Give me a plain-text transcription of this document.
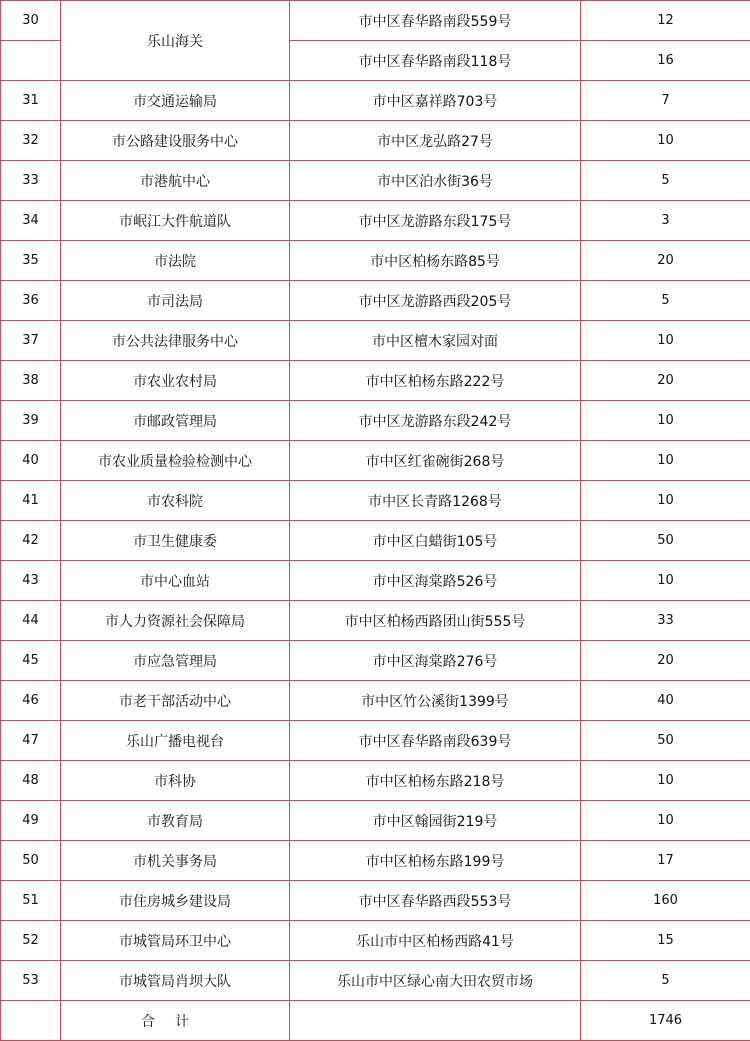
30	乐山海关	市中区春华路南段559号	12
		市中区春华路南段118号	16
31	市交通运输局	市中区嘉祥路703号	7
32	市公路建设服务中心	市中区龙弘路27号	10
33	市港航中心	市中区泊水街36号	5
34	市岷江大件航道队	市中区龙游路东段175号	3
35	市法院	市中区柏杨东路85号	20
36	市司法局	市中区龙游路西段205号	5
37	市公共法律服务中心	市中区檀木家园对面	10
38	市农业农村局	市中区柏杨东路222号	20
39	市邮政管理局	市中区龙游路东段242号	10
40	市农业质量检验检测中心	市中区红雀碗街268号	10
41	市农科院	市中区长青路1268号	10
42	市卫生健康委	市中区白蜡街105号	50
43	市中心血站	市中区海棠路526号	10
44	市人力资源社会保障局	市中区柏杨西路团山街555号	33
45	市应急管理局	市中区海棠路276号	20
46	市老干部活动中心	市中区竹公溪街1399号	40
47	乐山广播电视台	市中区春华路南段639号	50
48	市科协	市中区柏杨东路218号	10
49	市教育局	市中区翰园街219号	10
50	市机关事务局	市中区柏杨东路199号	17
51	市住房城乡建设局	市中区春华路西段553号	160
52	市城管局环卫中心	乐山市中区柏杨西路41号	15
53	市城管局肖坝大队	乐山市中区绿心南大田农贸市场	5
	合计		1746
